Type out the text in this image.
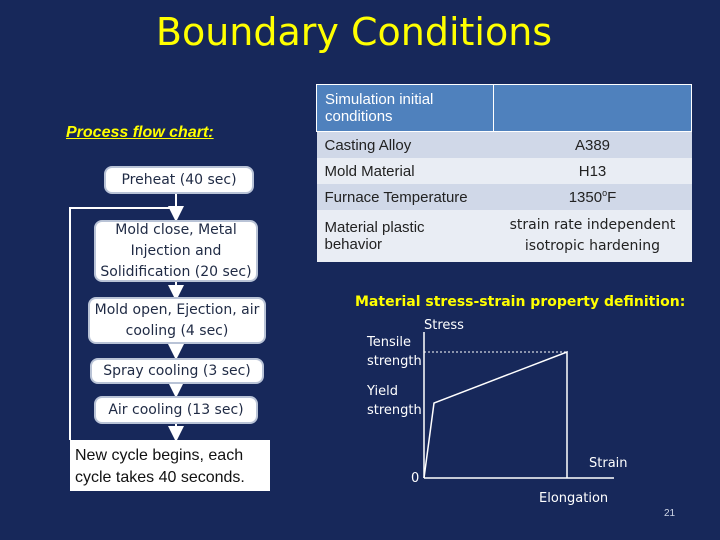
Boundary Conditions
Process flow chart:
Preheat (40 sec)
Mold close, Metal Injection and Solidification (20 sec)
Mold open, Ejection, air cooling (4 sec)
Spray cooling (3 sec)
Air cooling (13 sec)
New cycle begins, each cycle takes 40 seconds.
Simulation initial conditions	
Casting Alloy	A389
Mold Material	H13
Furnace Temperature	1350$^o$F
Material plastic behavior	strain rate independent isotropic hardening
Material stress-strain property definition:
Stress
Tensile strength
Yield strength
0
Strain
Elongation
21
